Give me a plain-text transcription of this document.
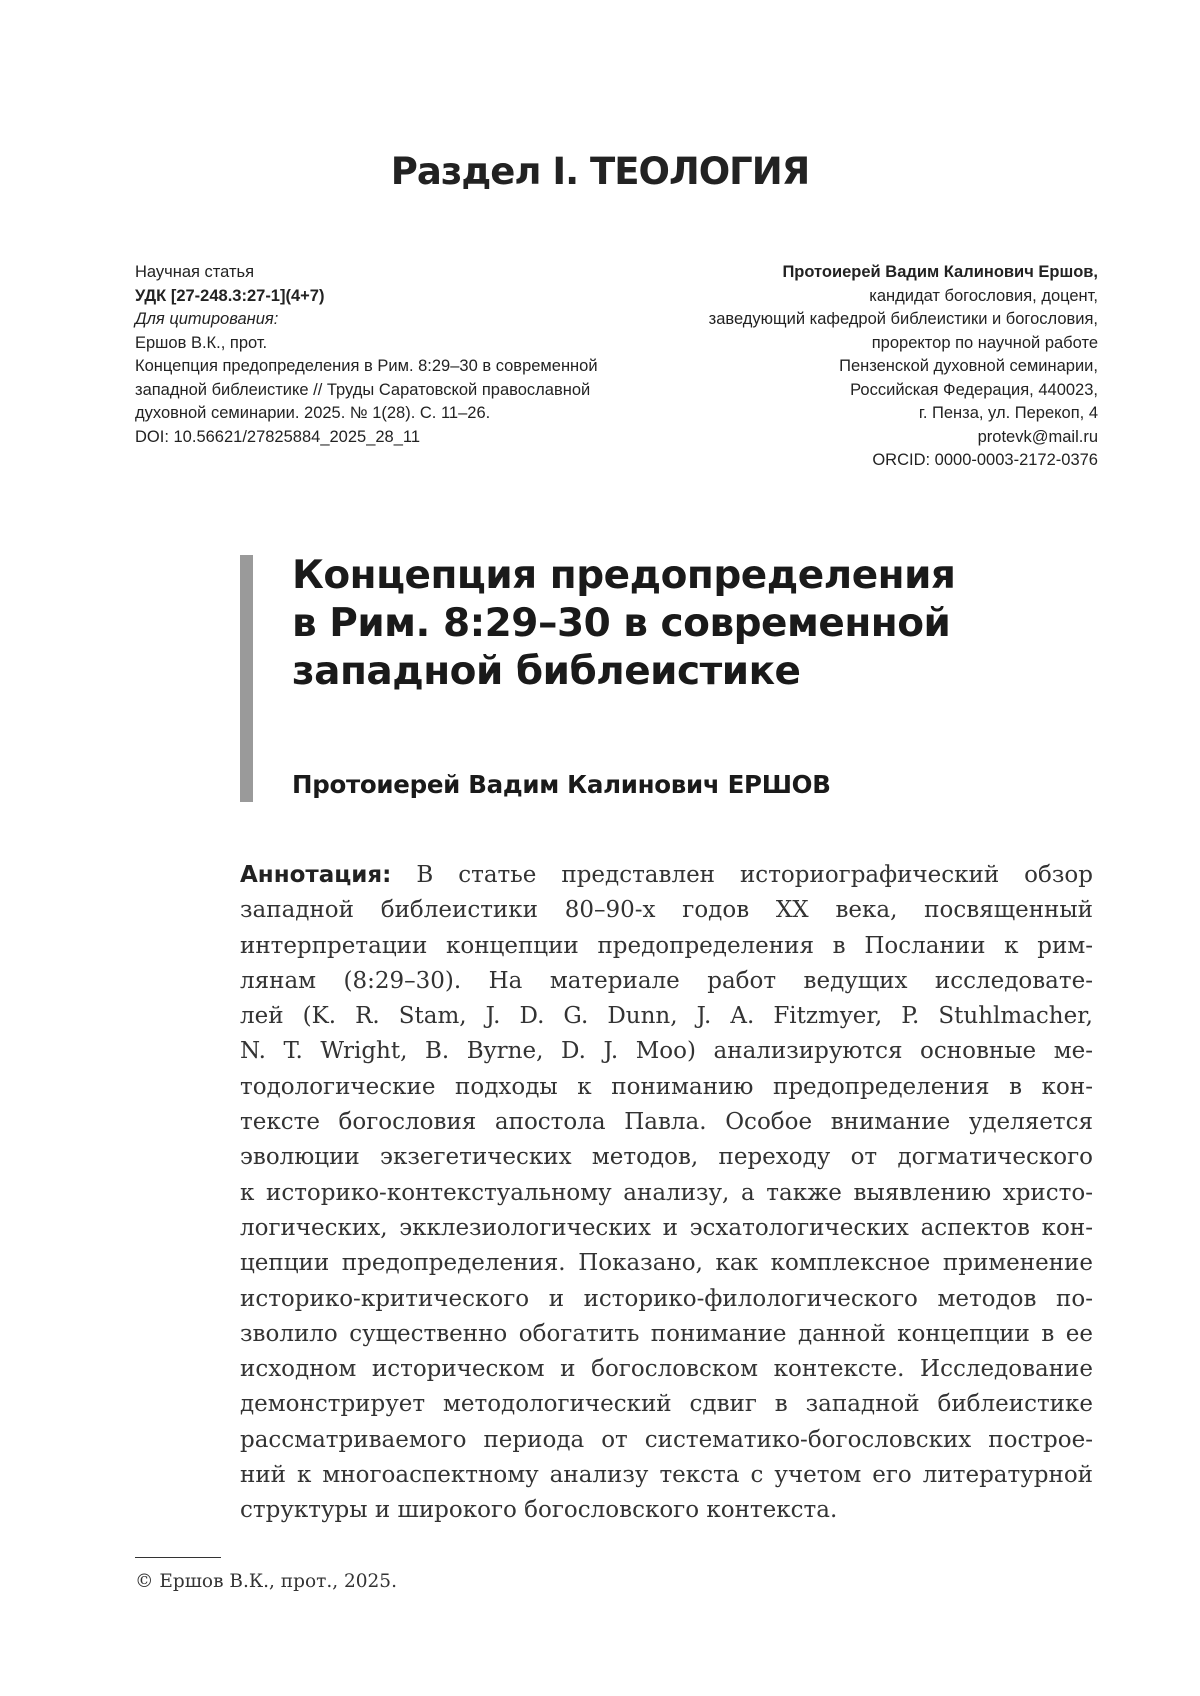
Раздел I. ТЕОЛОГИЯ
Научная статья
УДК [27-248.3:27-1](4+7)
Для цитирования:
Ершов В.К., прот.
Концепция предопределения в Рим. 8:29–30 в современной
западной библеистике // Труды Саратовской православной
духовной семинарии. 2025. № 1(28). С. 11–26.
DOI: 10.56621/27825884_2025_28_11
Протоиерей Вадим Калинович Ершов,
кандидат богословия, доцент,
заведующий кафедрой библеистики и богословия,
проректор по научной работе
Пензенской духовной семинарии,
Российская Федерация, 440023,
г. Пенза, ул. Перекоп, 4
protevk@mail.ru
ORCID: 0000-0003-2172-0376
Концепция предопределения
в Рим. 8:29–30 в современной
западной библеистике
Протоиерей Вадим Калинович ЕРШОВ
Аннотация: В статье представлен историографический обзор
западной библеистики 80–90-х годов XX века, посвященный
интерпретации концепции предопределения в Послании к рим-
лянам (8:29–30). На материале работ ведущих исследовате-
лей (K. R. Stam, J. D. G. Dunn, J. A. Fitzmyer, P. Stuhlmacher,
N. T. Wright, B. Byrne, D. J. Moo) анализируются основные ме-
тодологические подходы к пониманию предопределения в кон-
тексте богословия апостола Павла. Особое внимание уделяется
эволюции экзегетических методов, переходу от догматического
к историко-контекстуальному анализу, а также выявлению христо-
логических, экклезиологических и эсхатологических аспектов кон-
цепции предопределения. Показано, как комплексное применение
историко-критического и историко-филологического методов по-
зволило существенно обогатить понимание данной концепции в ее
исходном историческом и богословском контексте. Исследование
демонстрирует методологический сдвиг в западной библеистике
рассматриваемого периода от систематико-богословских построе-
ний к многоаспектному анализу текста с учетом его литературной
структуры и широкого богословского контекста.
© Ершов В.К., прот., 2025.
